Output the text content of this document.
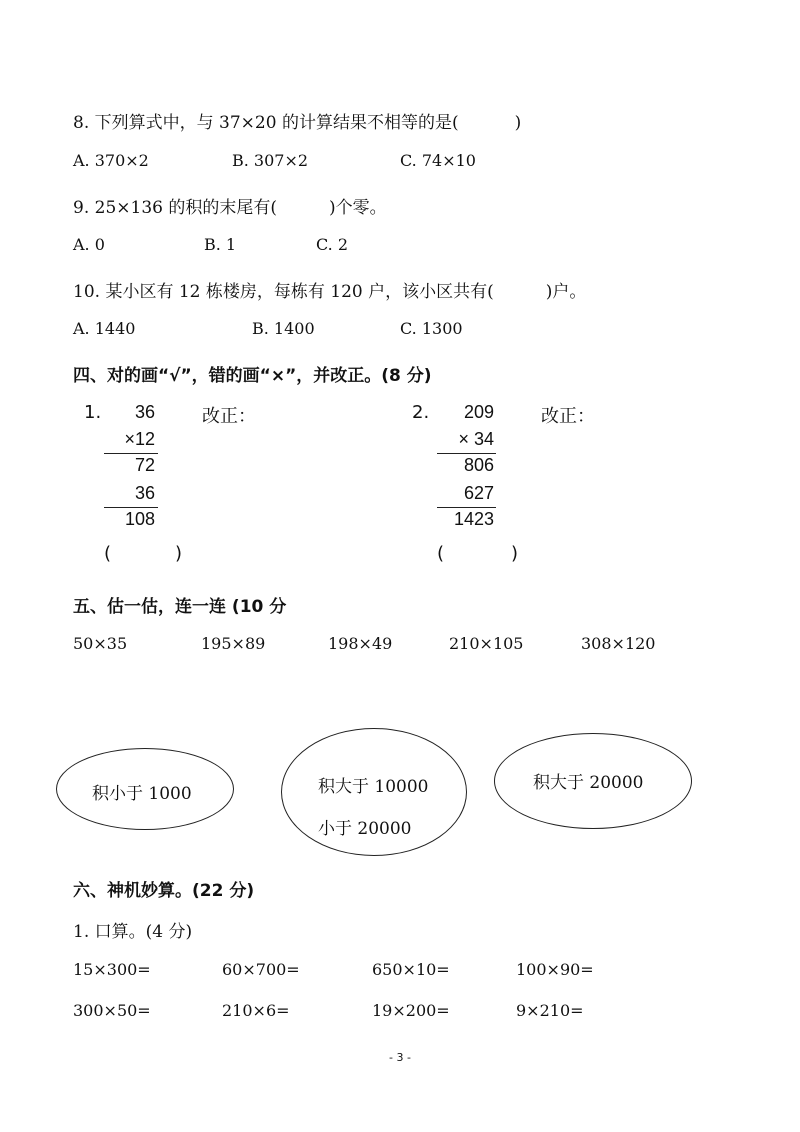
8. 下列算式中，与 37×20 的计算结果不相等的是(	)
A. 370×2	B. 307×2	C. 74×10
9. 25×136 的积的末尾有(	)个零。
A. 0	B. 1	C. 2
10. 某小区有 12 栋楼房，每栋有 120 户，该小区共有(	)户。
A. 1440	B. 1400	C. 1300
四、对的画“√”，错的画“×”，并改正。(8 分)
1.	36
×12
72
36
108
改正：
(	)
2.	209
× 34
806
627
1423
改正：
(	)
五、估一估，连一连 (10 分
50×35	195×89	198×49	210×105	308×120
积小于 1000	积大于 10000
小于 20000
积大于 20000
六、神机妙算。(22 分)
1. 口算。(4 分)
15×300=	60×700=	650×10=	100×90=
300×50=	210×6=	19×200=	9×210=
- 3 -
